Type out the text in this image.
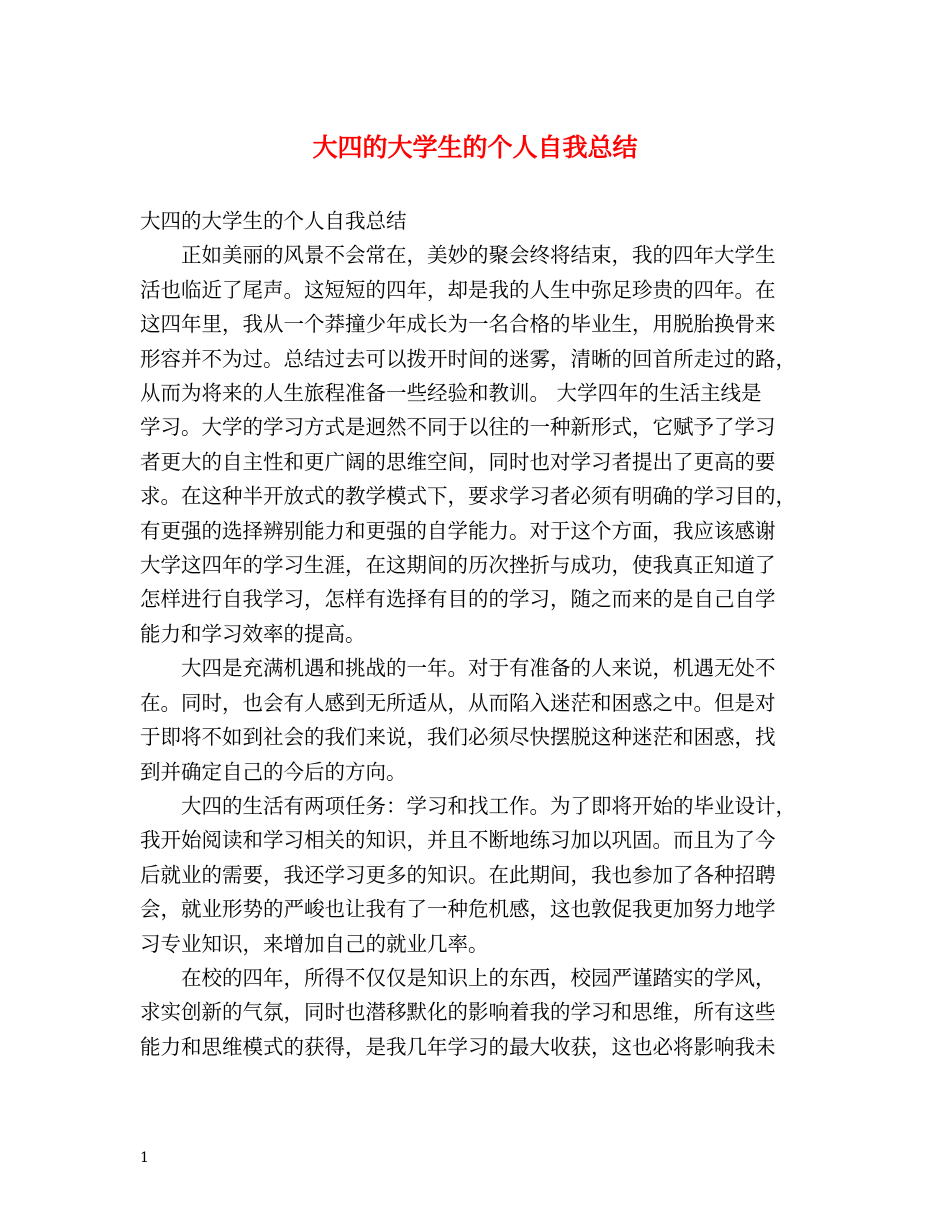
大四的大学生的个人自我总结
大四的大学生的个人自我总结
正如美丽的风景不会常在，美妙的聚会终将结束，我的四年大学生
活也临近了尾声。这短短的四年，却是我的人生中弥足珍贵的四年。在
这四年里，我从一个莽撞少年成长为一名合格的毕业生，用脱胎换骨来
形容并不为过。总结过去可以拨开时间的迷雾，清晰的回首所走过的路，
从而为将来的人生旅程准备一些经验和教训。 大学四年的生活主线是
学习。大学的学习方式是迥然不同于以往的一种新形式，它赋予了学习
者更大的自主性和更广阔的思维空间，同时也对学习者提出了更高的要
求。在这种半开放式的教学模式下，要求学习者必须有明确的学习目的，
有更强的选择辨别能力和更强的自学能力。对于这个方面，我应该感谢
大学这四年的学习生涯，在这期间的历次挫折与成功，使我真正知道了
怎样进行自我学习，怎样有选择有目的的学习，随之而来的是自己自学
能力和学习效率的提高。
大四是充满机遇和挑战的一年。对于有准备的人来说，机遇无处不
在。同时，也会有人感到无所适从，从而陷入迷茫和困惑之中。但是对
于即将不如到社会的我们来说，我们必须尽快摆脱这种迷茫和困惑，找
到并确定自己的今后的方向。
大四的生活有两项任务：学习和找工作。为了即将开始的毕业设计，
我开始阅读和学习相关的知识，并且不断地练习加以巩固。而且为了今
后就业的需要，我还学习更多的知识。在此期间，我也参加了各种招聘
会，就业形势的严峻也让我有了一种危机感，这也敦促我更加努力地学
习专业知识，来增加自己的就业几率。
在校的四年，所得不仅仅是知识上的东西，校园严谨踏实的学风，
求实创新的气氛，同时也潜移默化的影响着我的学习和思维，所有这些
能力和思维模式的获得，是我几年学习的最大收获，这也必将影响我未
1
